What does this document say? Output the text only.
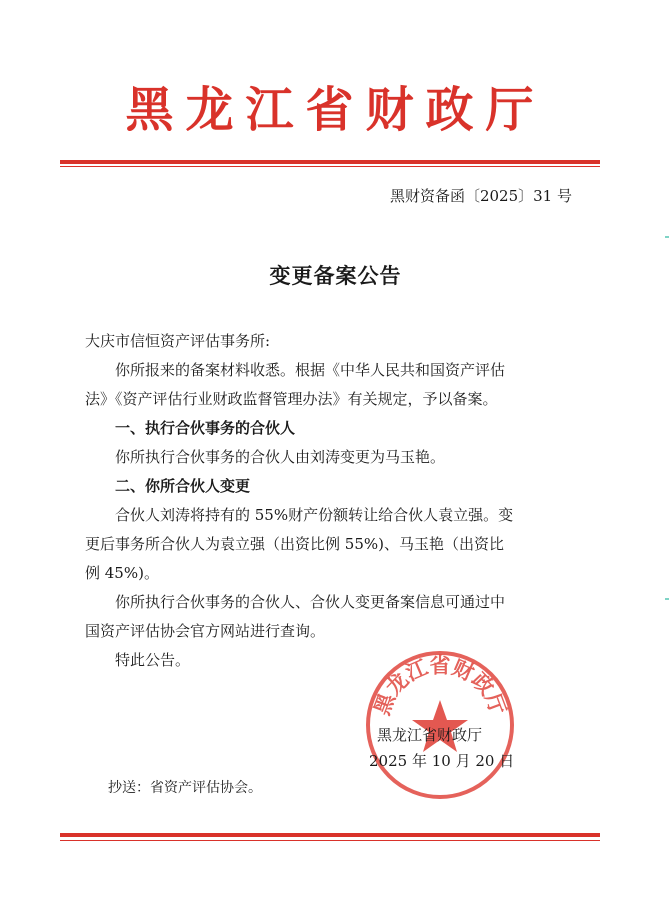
黑龙江省财政厅
黑财资备函〔2025〕31 号
变更备案公告
大庆市信恒资产评估事务所:
你所报来的备案材料收悉。根据《中华人民共和国资产评估
法》《资产评估行业财政监督管理办法》有关规定，予以备案。
一、执行合伙事务的合伙人
你所执行合伙事务的合伙人由刘涛变更为马玉艳。
二、你所合伙人变更
合伙人刘涛将持有的 55%财产份额转让给合伙人袁立强。变
更后事务所合伙人为袁立强（出资比例 55%)、马玉艳（出资比
例 45%)。
你所执行合伙事务的合伙人、合伙人变更备案信息可通过中
国资产评估协会官方网站进行查询。
特此公告。
黑龙江省财政厅
黑龙江省财政厅
2025 年 10 月 20 日
抄送：省资产评估协会。
